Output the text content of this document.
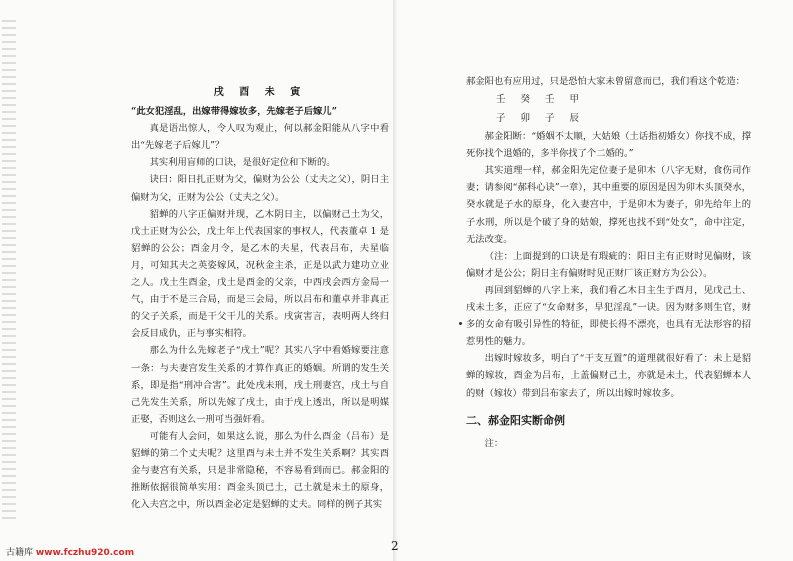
戌 酉 未 寅

“此女犯淫乱，出嫁带得嫁妆多，先嫁老子后嫁儿”

真是语出惊人，令人叹为观止，何以郝金阳能从八字中看出“先嫁老子后嫁儿”？

其实利用盲师的口诀，是很好定位和下断的。

诀曰：阳日扎正财为父，偏财为公公（丈夫之父），阴日主偏财为父，正财为公公（丈夫之父）。

貂蝉的八字正偏财并现，乙木阴日主，以偏财己土为父，戊土正财为公公，戊土年上代表国家的事权人，代表董卓 1 是貂蝉的公公；酉金月令，是乙木的夫星，代表吕布，夫星临月，可知其夫之英姿嫁风，况秋金主杀，正是以武力建功立业之人。戊土生酉金，戊土是酉金的父亲，中西戌会西方金局一气，由于不是三合局，而是三会局，所以吕布和董卓并非真正的父子关系，而是干父干儿的关系。戌寅害言，表明两人终归会反目成仇，正与事实相符。

那么为什么先嫁老子“戌土”呢？其实八字中看婚嫁要注意一条：与夫妻宫发生关系的才算作真正的婚姻。所谓的发生关系，即是指“刑冲合害”。此处戌未刑，戌土刑妻宫，戌土与自己先发生关系，所以先嫁了戌土，由于戌上透出，所以是明媒正娶，否则这么一刑可当强奸看。

可能有人会问，如果这么说，那么为什么酉金（吕布）是貂蝉的第二个丈夫呢？这里酉与未土并不发生关系啊？其实酉金与妻宫有关系，只是非常隐秘，不容易看到而已。郝金阳的推断依据很简单实用：酉金头顶已土，己土就是未土的原身，化入夫宫之中，所以酉金必定是貂蝉的丈夫。同样的例子其实

郝金阳也有应用过，只是恐怕大家未曾留意而已，我们看这个乾造：

壬 癸 壬 甲

子 卯 子 辰

郝金阳断：“婚姻不太顺，大姑娘（土话指初婚女）你找不成，撑死你找个退婚的，多半你找了个二婚的。”

其实道理一样，郝金阳先定位妻子是卯木（八字无财，食伤司作妻；请参阅“郝科心诀”一章），其中重要的原因是因为卯木头顶癸水，癸水就是子水的原身，化入妻宫中，于是卯木为妻子，卯先给年上的子水刑，所以是个破了身的姑娘，撑死也找不到“处女”，命中注定，无法改变。

（注：上面提到的口诀是有瑕疵的：阳日主有正财时见偏财，该偏财才是公公；阴日主有偏财时见正财厂该正财方为公公）。

再回到貂蝉的八字上来，我们看乙木日主生于酉月，见戊己土、戌未土多，正应了“女命财多，早犯淫乱”一诀。因为财多则生官，财多的女命有吸引异性的特征，即使长得不漂亮，也具有无法形容的招惹男性的魅力。

出嫁时嫁妆多，明白了“干支互置”的道理就很好看了：未上是貂蝉的嫁妆，酉金为吕布，上盖偏财己土，亦就是未土，代表貂蝉本人的财（嫁妆）带到吕布家去了，所以出嫁时嫁妆多。

二、郝金阳实断命例

注：

2
古籍库 www.fczhu920.com
